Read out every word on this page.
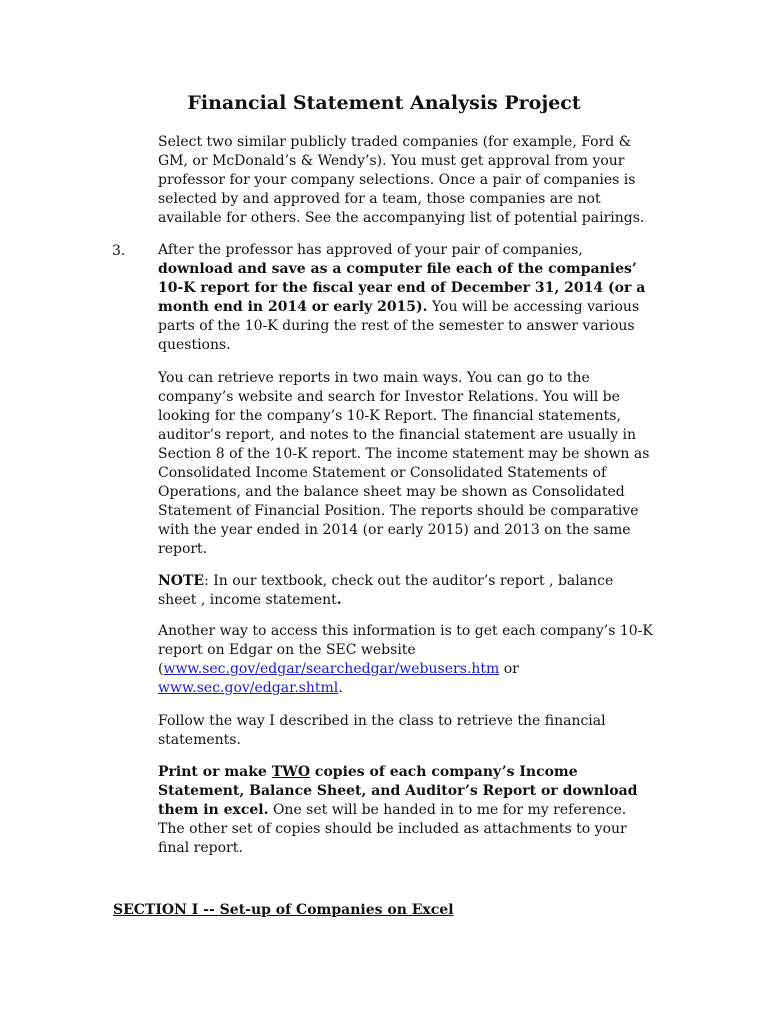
Financial Statement Analysis Project
Select two similar publicly traded companies (for example, Ford & GM, or McDonald’s & Wendy’s). You must get approval from your professor for your company selections. Once a pair of companies is selected by and approved for a team, those companies are not available for others. See the accompanying list of potential pairings.
3. After the professor has approved of your pair of companies, download and save as a computer file each of the companies’ 10-K report for the fiscal year end of December 31, 2014 (or a month end in 2014 or early 2015). You will be accessing various parts of the 10-K during the rest of the semester to answer various questions.
You can retrieve reports in two main ways. You can go to the company’s website and search for Investor Relations. You will be looking for the company’s 10-K Report. The financial statements, auditor’s report, and notes to the financial statement are usually in Section 8 of the 10-K report. The income statement may be shown as Consolidated Income Statement or Consolidated Statements of Operations, and the balance sheet may be shown as Consolidated Statement of Financial Position. The reports should be comparative with the year ended in 2014 (or early 2015) and 2013 on the same report.
NOTE: In our textbook, check out the auditor’s report , balance sheet , income statement.
Another way to access this information is to get each company’s 10-K report on Edgar on the SEC website (www.sec.gov/edgar/searchedgar/webusers.htm or www.sec.gov/edgar.shtml.
Follow the way I described in the class to retrieve the financial statements.
Print or make TWO copies of each company’s Income Statement, Balance Sheet, and Auditor’s Report or download them in excel. One set will be handed in to me for my reference. The other set of copies should be included as attachments to your final report.
SECTION I -- Set-up of Companies on Excel
